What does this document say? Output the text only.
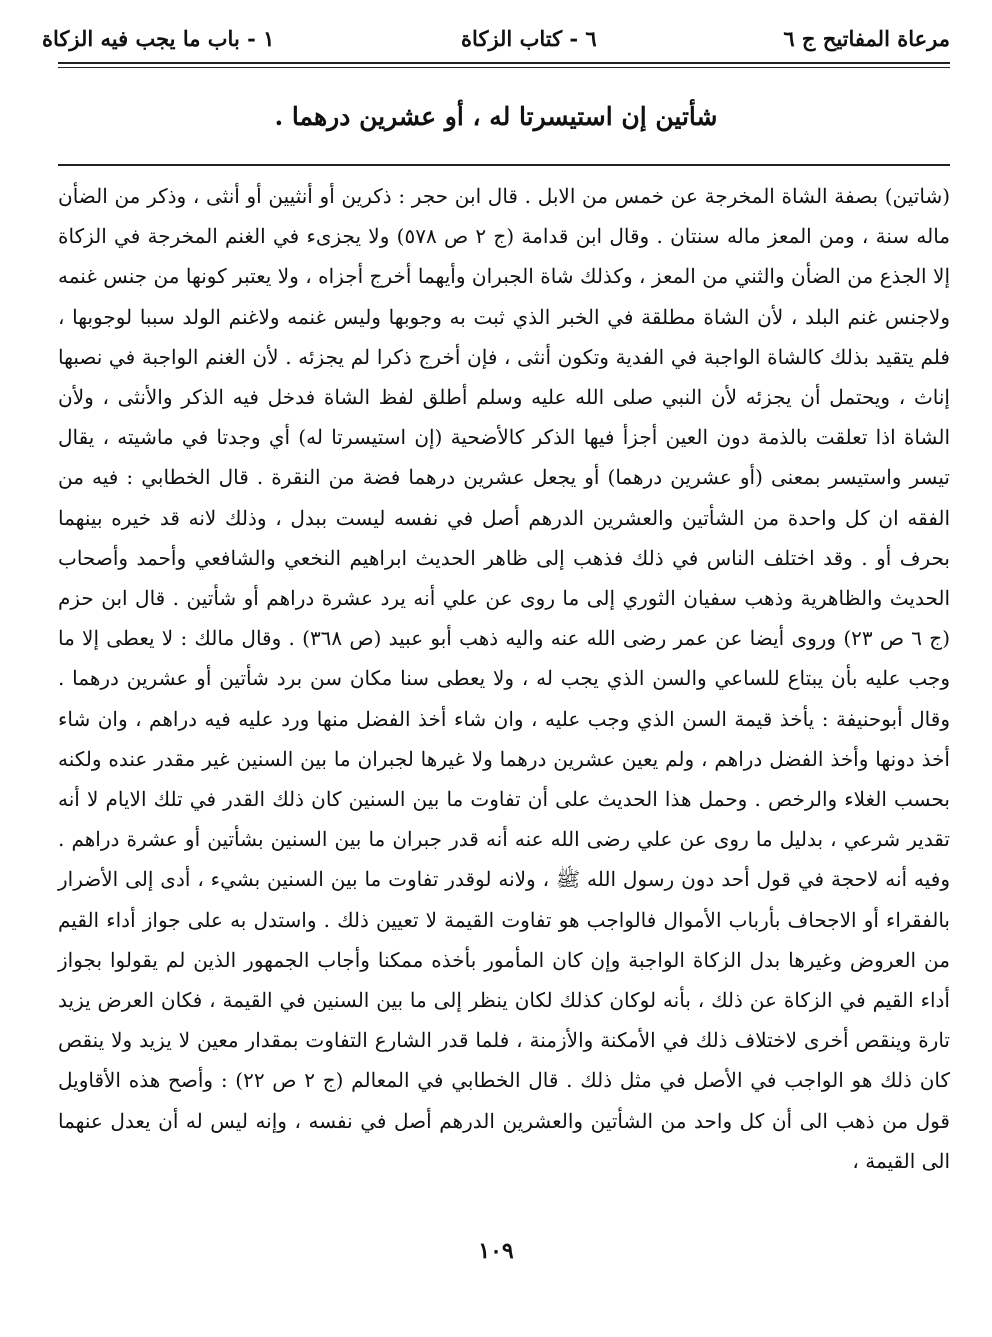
مرعاة المفاتيح ج ٦
٦ - كتاب الزكاة
١ - باب ما يجب فيه الزكاة
شأتين إن استيسرتا له ، أو عشرين درهما .

(شاتين) بصفة الشاة المخرجة عن خمس من الابل . قال ابن حجر : ذكرين أو أنثيين أو أنثى ، وذكر من الضأن ماله سنة ، ومن المعز ماله سنتان . وقال ابن قدامة (ج ٢ ص ٥٧٨) ولا يجزىء في الغنم المخرجة في الزكاة إلا الجذع من الضأن والثني من المعز ، وكذلك شاة الجبران وأيهما أخرج أجزاه ، ولا يعتبر كونها من جنس غنمه ولاجنس غنم البلد ، لأن الشاة مطلقة في الخبر الذي ثبت به وجوبها وليس غنمه ولاغنم الولد سببا لوجوبها ، فلم يتقيد بذلك كالشاة الواجبة في الفدية وتكون أنثى ، فإن أخرج ذكرا لم يجزئه . لأن الغنم الواجبة في نصبها إناث ، ويحتمل أن يجزئه لأن النبي صلى الله عليه وسلم أطلق لفظ الشاة فدخل فيه الذكر والأنثى ، ولأن الشاة اذا تعلقت بالذمة دون العين أجزأ فيها الذكر كالأضحية (إن استيسرتا له) أي وجدتا في ماشيته ، يقال تيسر واستيسر بمعنى (أو عشرين درهما) أو يجعل عشرين درهما فضة من النقرة . قال الخطابي : فيه من الفقه ان كل واحدة من الشأتين والعشرين الدرهم أصل في نفسه ليست ببدل ، وذلك لانه قد خيره بينهما بحرف أو . وقد اختلف الناس في ذلك فذهب إلى ظاهر الحديث ابراهيم النخعي والشافعي وأحمد وأصحاب الحديث والظاهرية وذهب سفيان الثوري إلى ما روى عن علي أنه يرد عشرة دراهم أو شأتين . قال ابن حزم (ج ٦ ص ٢٣) وروى أيضا عن عمر رضى الله عنه واليه ذهب أبو عبيد (ص ٣٦٨) . وقال مالك : لا يعطى إلا ما وجب عليه بأن يبتاع للساعي والسن الذي يجب له ، ولا يعطى سنا مكان سن برد شأتين أو عشرين درهما . وقال أبوحنيفة : يأخذ قيمة السن الذي وجب عليه ، وان شاء أخذ الفضل منها ورد عليه فيه دراهم ، وان شاء أخذ دونها وأخذ الفضل دراهم ، ولم يعين عشرين درهما ولا غيرها لجبران ما بين السنين غير مقدر عنده ولكنه بحسب الغلاء والرخص . وحمل هذا الحديث على أن تفاوت ما بين السنين كان ذلك القدر في تلك الايام لا أنه تقدير شرعي ، بدليل ما روى عن علي رضى الله عنه أنه قدر جبران ما بين السنين بشأتين أو عشرة دراهم . وفيه أنه لاحجة في قول أحد دون رسول الله ﷺ ، ولانه لوقدر تفاوت ما بين السنين بشيء ، أدى إلى الأضرار بالفقراء أو الاجحاف بأرباب الأموال فالواجب هو تفاوت القيمة لا تعيين ذلك . واستدل به على جواز أداء القيم من العروض وغيرها بدل الزكاة الواجبة وإن كان المأمور بأخذه ممكنا وأجاب الجمهور الذين لم يقولوا بجواز أداء القيم في الزكاة عن ذلك ، بأنه لوكان كذلك لكان ينظر إلى ما بين السنين في القيمة ، فكان العرض يزيد تارة وينقص أخرى لاختلاف ذلك في الأمكنة والأزمنة ، فلما قدر الشارع التفاوت بمقدار معين لا يزيد ولا ينقص كان ذلك هو الواجب في الأصل في مثل ذلك . قال الخطابي في المعالم (ج ٢ ص ٢٢) : وأصح هذه الأقاويل قول من ذهب الى أن كل واحد من الشأتين والعشرين الدرهم أصل في نفسه ، وإنه ليس له أن يعدل عنهما الى القيمة ،

١٠٩
